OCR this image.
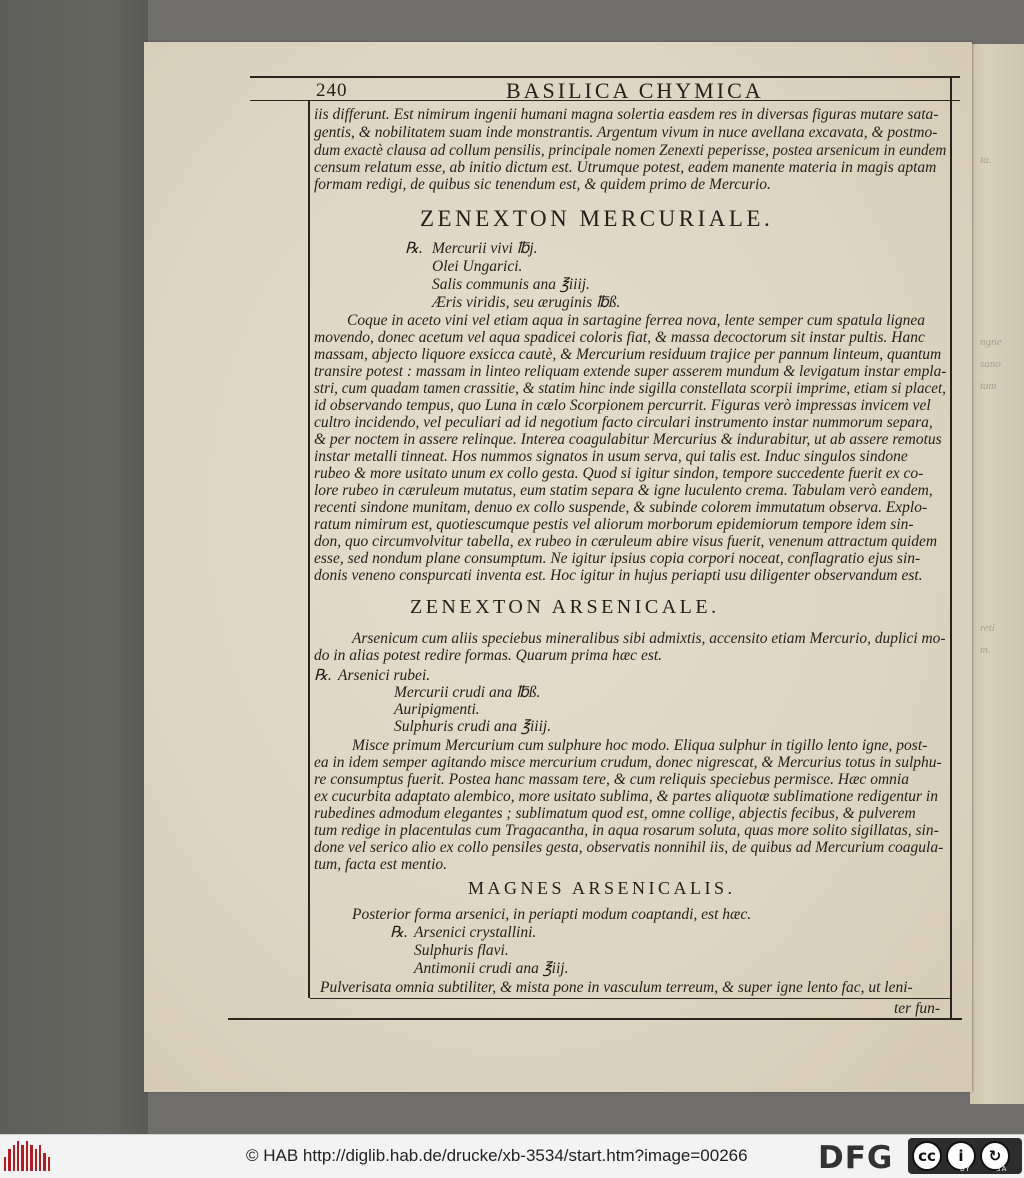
ta.
ngne
sano
tam
reti
m.
240	BASILICA CHYMICA
iis differunt. Est nimirum ingenii humani magna solertia easdem res in diversas figuras mutare sata-
gentis, & nobilitatem suam inde monstrantis. Argentum vivum in nuce avellana excavata, & postmo-
dum exactè clausa ad collum pensilis, principale nomen Zenexti peperisse, postea arsenicum in eundem
censum relatum esse, ab initio dictum est. Utrumque potest, eadem manente materia in magis aptam
formam redigi, de quibus sic tenendum est, & quidem primo de Mercurio.
ZENEXTON MERCURIALE.
℞. Mercurii vivi ℔j.
Olei Ungarici.
Salis communis ana ℥iiij.
Æris viridis, seu æruginis ℔ß.
Coque in aceto vini vel etiam aqua in sartagine ferrea nova, lente semper cum spatula lignea
movendo, donec acetum vel aqua spadicei coloris fiat, & massa decoctorum sit instar pultis. Hanc
massam, abjecto liquore exsicca cautè, & Mercurium residuum trajice per pannum linteum, quantum
transire potest : massam in linteo reliquam extende super asserem mundum & levigatum instar empla-
stri, cum quadam tamen crassitie, & statim hinc inde sigilla constellata scorpii imprime, etiam si placet,
id observando tempus, quo Luna in cælo Scorpionem percurrit. Figuras verò impressas invicem vel
cultro incidendo, vel peculiari ad id negotium facto circulari instrumento instar nummorum separa,
& per noctem in assere relinque. Interea coagulabitur Mercurius & indurabitur, ut ab assere remotus
instar metalli tinneat. Hos nummos signatos in usum serva, qui talis est. Induc singulos sindone
rubeo & more usitato unum ex collo gesta. Quod si igitur sindon, tempore succedente fuerit ex co-
lore rubeo in cæruleum mutatus, eum statim separa & igne luculento crema. Tabulam verò eandem,
recenti sindone munitam, denuo ex collo suspende, & subinde colorem immutatum observa. Explo-
ratum nimirum est, quotiescumque pestis vel aliorum morborum epidemiorum tempore idem sin-
don, quo circumvolvitur tabella, ex rubeo in cæruleum abire visus fuerit, venenum attractum quidem
esse, sed nondum plane consumptum. Ne igitur ipsius copia corpori noceat, conflagratio ejus sin-
donis veneno conspurcati inventa est. Hoc igitur in hujus periapti usu diligenter observandum est.
ZENEXTON ARSENICALE.
Arsenicum cum aliis speciebus mineralibus sibi admixtis, accensito etiam Mercurio, duplici mo-
do in alias potest redire formas. Quarum prima hæc est.
℞. Arsenici rubei.
Mercurii crudi ana ℔ß.
Auripigmenti.
Sulphuris crudi ana ℥iiij.
Misce primum Mercurium cum sulphure hoc modo. Eliqua sulphur in tigillo lento igne, post-
ea in idem semper agitando misce mercurium crudum, donec nigrescat, & Mercurius totus in sulphu-
re consumptus fuerit. Postea hanc massam tere, & cum reliquis speciebus permisce. Hæc omnia
ex cucurbita adaptato alembico, more usitato sublima, & partes aliquotæ sublimatione redigentur in
rubedines admodum elegantes ; sublimatum quod est, omne collige, abjectis fecibus, & pulverem
tum redige in placentulas cum Tragacantha, in aqua rosarum soluta, quas more solito sigillatas, sin-
done vel serico alio ex collo pensiles gesta, observatis nonnihil iis, de quibus ad Mercurium coagula-
tum, facta est mentio.
MAGNES ARSENICALIS.
Posterior forma arsenici, in periapti modum coaptandi, est hæc.
℞. Arsenici crystallini.
Sulphuris flavi.
Antimonii crudi ana ℥iij.
Pulverisata omnia subtiliter, & mista pone in vasculum terreum, & super igne lento fac, ut leni-
ter fun-
© HAB http://diglib.hab.de/drucke/xb-3534/start.htm?image=00266 DFG	cc	i	↻
BY	SA
